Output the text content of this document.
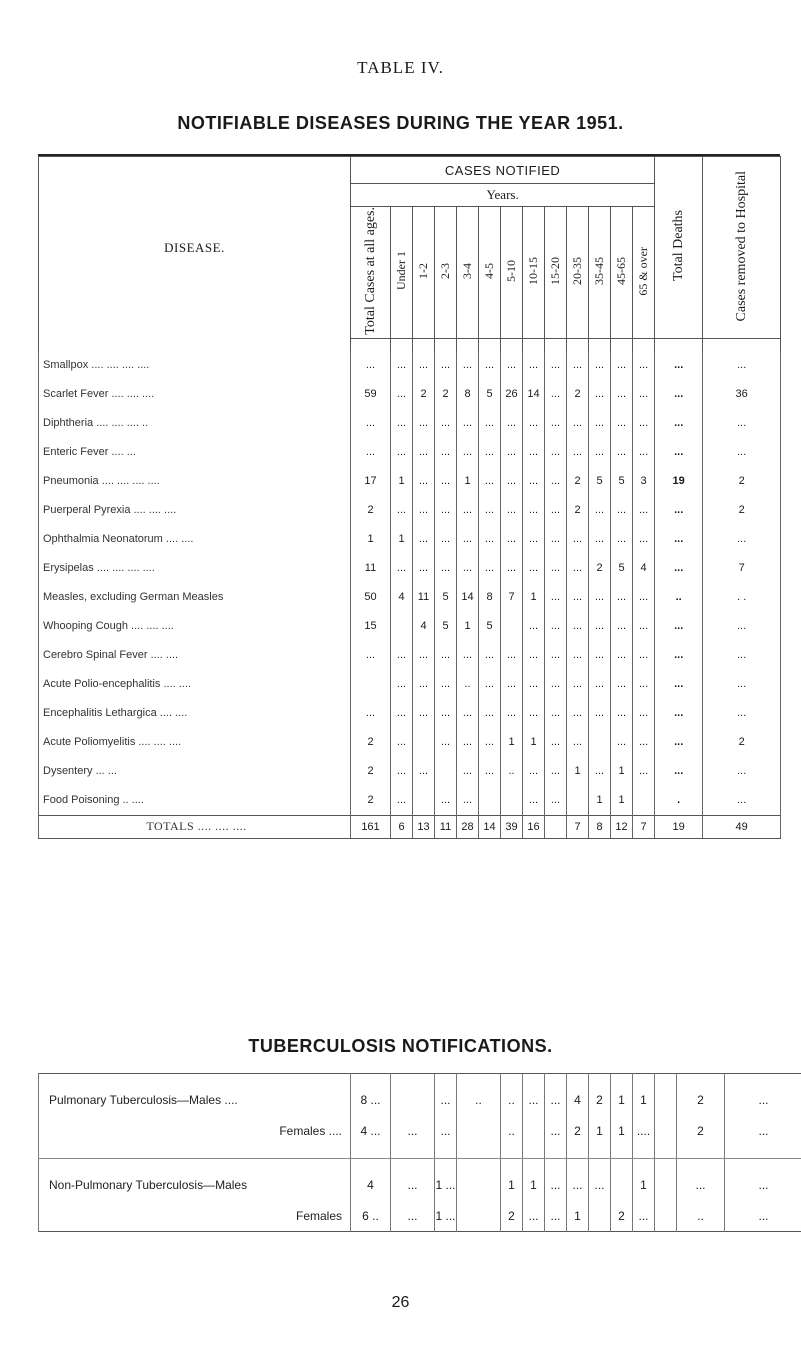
TABLE IV.
NOTIFIABLE DISEASES DURING THE YEAR 1951.
DISEASE.	CASES NOTIFIED													Total Deaths	Cases removed to Hospital
	Years.														
	Total Cases at all ages.	Under 1	1-2	2-3	3-4	4-5	5-10	10-15	15-20	20-35	35-45	45-65	65 & over		

Smallpox .... .... .... ....	...	...	...	...	...	...	...	...	...	...	...	...	...	...	...
Scarlet Fever .... .... ....	59	...	2	2	8	5	26	14	...	2	...	...	...	...	36
Diphtheria .... .... .... ..	...	...	...	...	...	...	...	...	...	...	...	...	...	...	...
Enteric Fever .... ...	...	...	...	...	...	...	...	...	...	...	...	...	...	...	...
Pneumonia .... .... .... ....	17	1	...	...	1	...	...	...	...	2	5	5	3	19	2
Puerperal Pyrexia .... .... ....	2	...	...	...	...	...	...	...	...	2	...	...	...	...	2
Ophthalmia Neonatorum .... ....	1	1	...	...	...	...	...	...	...	...	...	...	...	...	...
Erysipelas .... .... .... ....	11	...	...	...	...	...	...	...	...	...	2	5	4	...	7
Measles, excluding German Measles	50	4	11	5	14	8	7	1	...	...	...	...	...	..	. .
Whooping Cough .... .... ....	15		4	5	1	5		...	...	...	...	...	...	...	...
Cerebro Spinal Fever .... ....	...	...	...	...	...	...	...	...	...	...	...	...	...	...	...
Acute Polio-encephalitis .... ....		...	...	...	..	...	...	...	...	...	...	...	...	...	...
Encephalitis Lethargica .... ....	...	...	...	...	...	...	...	...	...	...	...	...	...	...	...
Acute Poliomyelitis .... .... ....	2	...		...	...	...	1	1	...	...		...	...	...	2
Dysentery ... ...	2	...	...		...	...	..	...	...	1	...	1	...	...	...
Food Poisoning .. ....	2	...		...	...			...	...		1	1		.	...
TOTALS .... .... ....	161	6	13	11	28	14	39	16		7	8	12	7	19	49
TUBERCULOSIS NOTIFICATIONS.

Pulmonary Tuberculosis—Males ....	8 ...		...	..	..	...	...	4	2	1	1		2	...
Females ....	4 ...	...	...		..		...	2	1	1	....		2	...

Non-Pulmonary Tuberculosis—Males	4	...	1 ...		1	1	...	...	...		1		...	...
Females	6 ..	...	1 ...		2	...	...	1		2	...		..	...
26
